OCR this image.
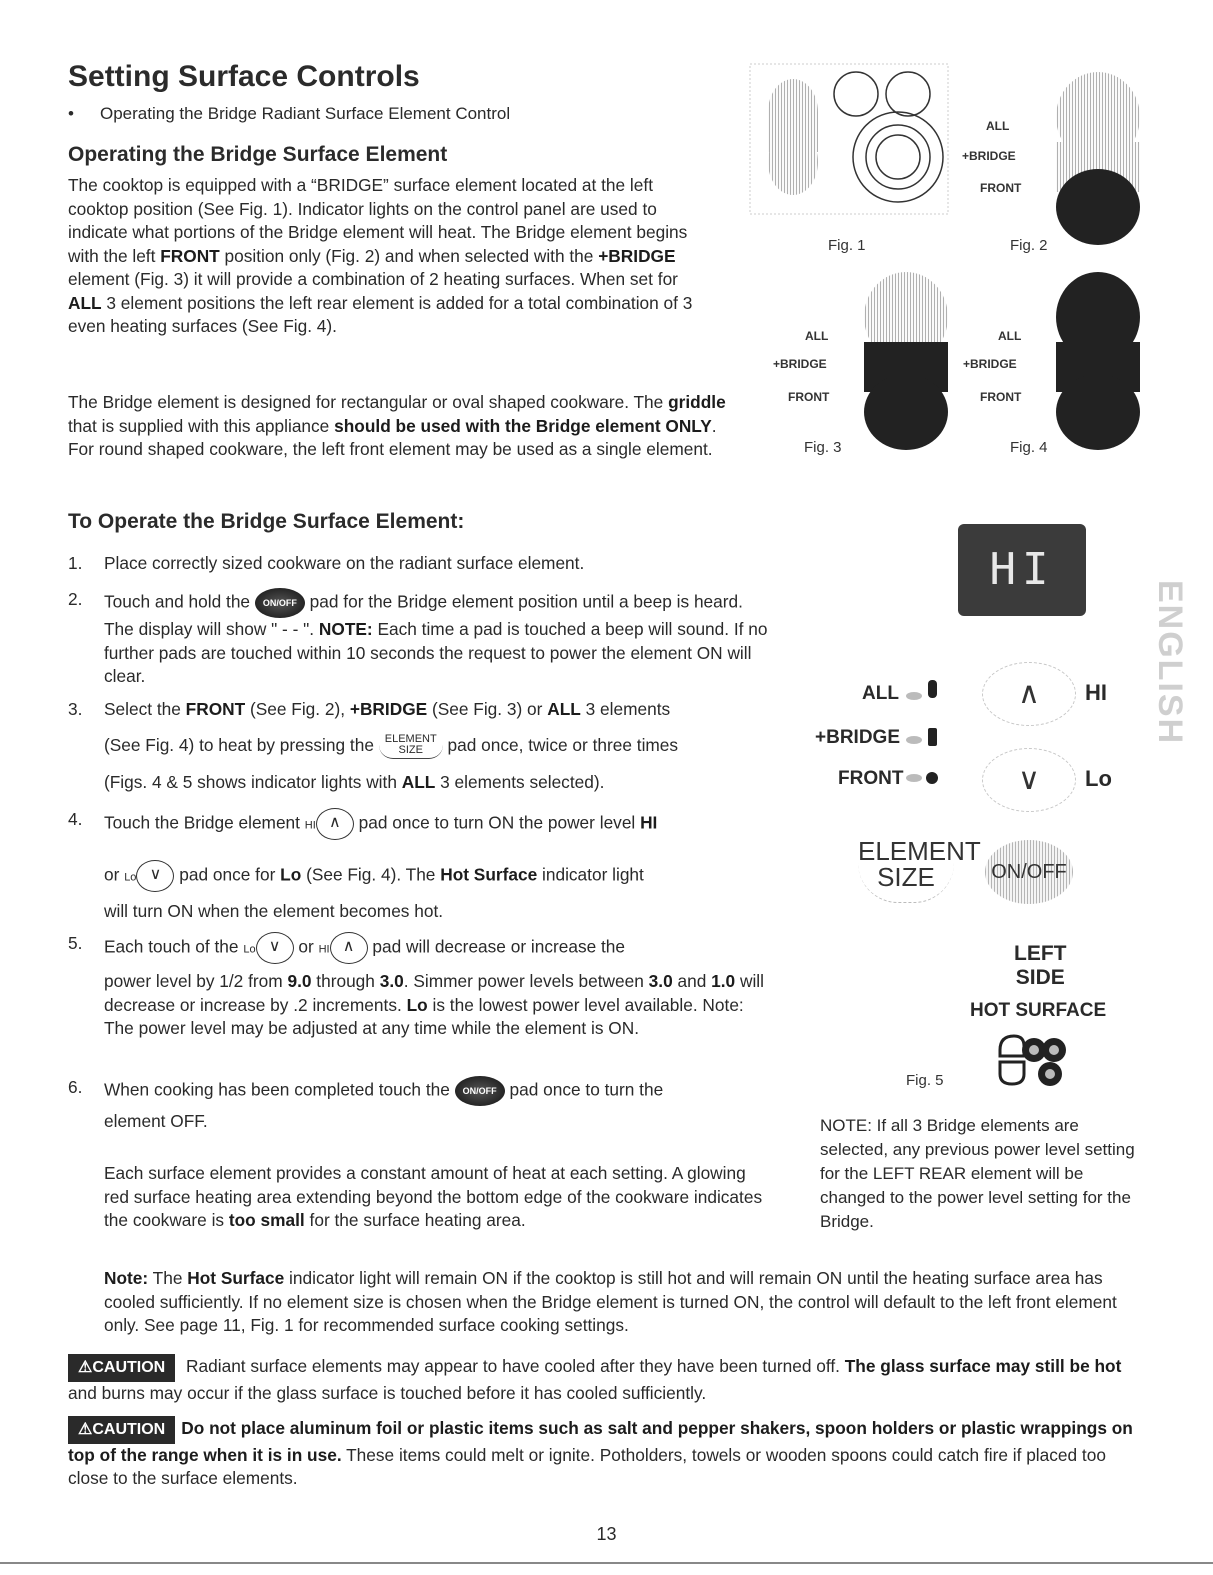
Setting Surface Controls
• Operating the Bridge Radiant Surface Element Control
Operating the Bridge Surface Element

The cooktop is equipped with a “BRIDGE” surface element located at the left cooktop position (See Fig. 1). Indicator lights on the control panel are used to indicate what portions of the Bridge element will heat. The Bridge element begins with the left FRONT position only (Fig. 2) and when selected with the +BRIDGE element (Fig. 3) it will provide a combination of 2 heating surfaces. When set for ALL 3 element positions the left rear element is added for a total combination of 3 even heating surfaces (See Fig. 4).

The Bridge element is designed for rectangular or oval shaped cookware. The griddle that is supplied with this appliance should be used with the Bridge element ONLY. For round shaped cookware, the left front element may be used as a single element.

To Operate the Bridge Surface Element:
1. Place correctly sized cookware on the radiant surface element.
2. Touch and hold the ON/OFF pad for the Bridge element position until a beep is heard. The display will show " - - ". NOTE: Each time a pad is touched a beep will sound. If no further pads are touched within 10 seconds the request to power the element ON will clear.
3. Select the FRONT (See Fig. 2), +BRIDGE (See Fig. 3) or ALL 3 elements
(See Fig. 4) to heat by pressing the ELEMENT
SIZE pad once, twice or three times
(Figs. 4 & 5 shows indicator lights with ALL 3 elements selected).
4. Touch the Bridge element HI ∧ pad once to turn ON the power level HI
or Lo ∨ pad once for Lo (See Fig. 4). The Hot Surface indicator light
will turn ON when the element becomes hot.
5. Each touch of the Lo ∨ or HI ∧ pad will decrease or increase the
power level by 1/2 from 9.0 through 3.0. Simmer power levels between 3.0 and 1.0 will decrease or increase by .2 increments. Lo is the lowest power level available. Note: The power level may be adjusted at any time while the element is ON.
6. When cooking has been completed touch the ON/OFF pad once to turn the
element OFF.

Each surface element provides a constant amount of heat at each setting. A glowing red surface heating area extending beyond the bottom edge of the cookware indicates the cookware is too small for the surface heating area.

Fig. 1
ALL
+BRIDGE
FRONT
Fig. 2
ALL
+BRIDGE
FRONT
Fig. 3
ALL
+BRIDGE
FRONT
Fig. 4
HI
ALL
+BRIDGE
FRONT
∧	HI
∨	Lo
ELEMENT
SIZE	ON/OFF
LEFT
SIDE
HOT SURFACE
Fig. 5
NOTE: If all 3 Bridge elements are selected, any previous power level setting for the LEFT REAR element will be changed to the power level setting for the Bridge.
ENGLISH

Note: The Hot Surface indicator light will remain ON if the cooktop is still hot and will remain ON until the heating surface area has cooled sufficiently. If no element size is chosen when the Bridge element is turned ON, the control will default to the left front element only. See page 11, Fig. 1 for recommended surface cooking settings.

⚠CAUTION Radiant surface elements may appear to have cooled after they have been turned off. The glass surface may still be hot and burns may occur if the glass surface is touched before it has cooled sufficiently.

⚠CAUTION Do not place aluminum foil or plastic items such as salt and pepper shakers, spoon holders or plastic wrappings on top of the range when it is in use. These items could melt or ignite. Potholders, towels or wooden spoons could catch fire if placed too close to the surface elements.

13
